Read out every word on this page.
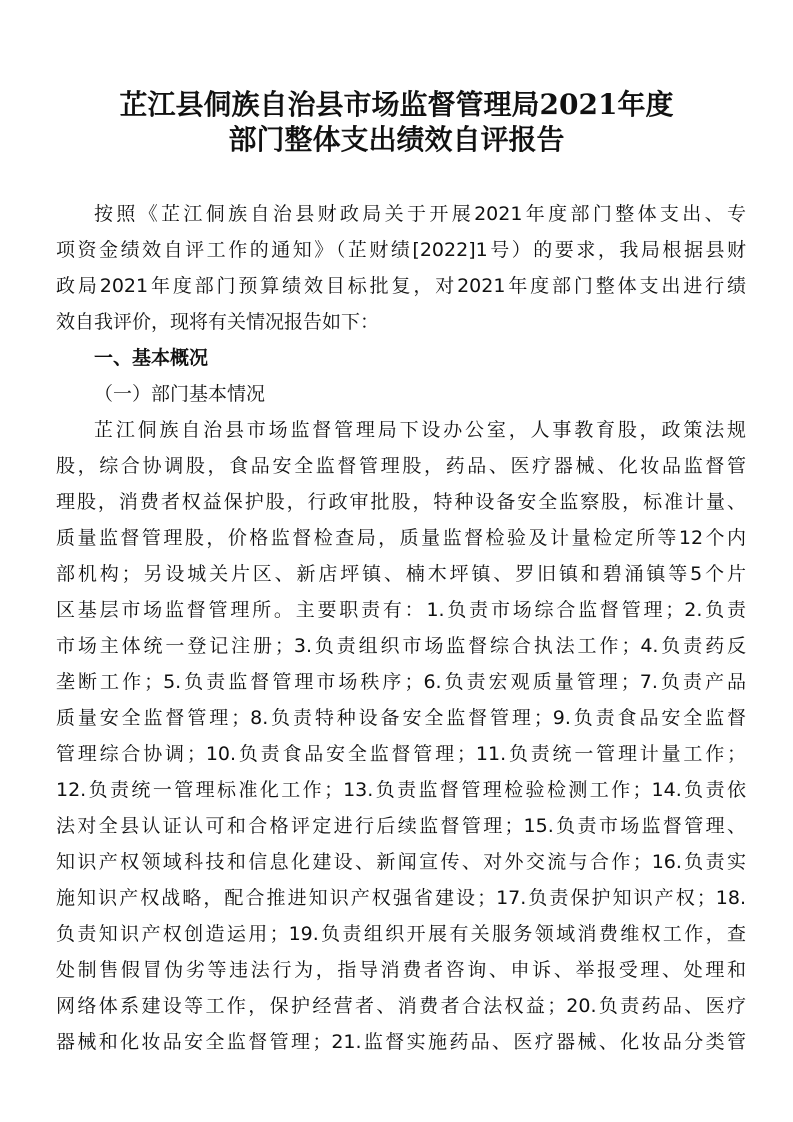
芷江县侗族自治县市场监督管理局2021年度
部门整体支出绩效自评报告
按照《芷江侗族自治县财政局关于开展2021年度部门整体支出、专
项资金绩效自评工作的通知》（芷财绩[2022]1号）的要求，我局根据县财
政局2021年度部门预算绩效目标批复，对2021年度部门整体支出进行绩
效自我评价，现将有关情况报告如下：
一、基本概况
（一）部门基本情况
芷江侗族自治县市场监督管理局下设办公室，人事教育股，政策法规
股，综合协调股，食品安全监督管理股，药品、医疗器械、化妆品监督管
理股，消费者权益保护股，行政审批股，特种设备安全监察股，标准计量、
质量监督管理股，价格监督检查局，质量监督检验及计量检定所等12个内
部机构；另设城关片区、新店坪镇、楠木坪镇、罗旧镇和碧涌镇等5个片
区基层市场监督管理所。主要职责有：1.负责市场综合监督管理；2.负责
市场主体统一登记注册；3.负责组织市场监督综合执法工作；4.负责药反
垄断工作；5.负责监督管理市场秩序；6.负责宏观质量管理；7.负责产品
质量安全监督管理；8.负责特种设备安全监督管理；9.负责食品安全监督
管理综合协调；10.负责食品安全监督管理；11.负责统一管理计量工作；
12.负责统一管理标准化工作；13.负责监督管理检验检测工作；14.负责依
法对全县认证认可和合格评定进行后续监督管理；15.负责市场监督管理、
知识产权领域科技和信息化建设、新闻宣传、对外交流与合作；16.负责实
施知识产权战略，配合推进知识产权强省建设；17.负责保护知识产权；18.
负责知识产权创造运用；19.负责组织开展有关服务领域消费维权工作，查
处制售假冒伪劣等违法行为，指导消费者咨询、申诉、举报受理、处理和
网络体系建设等工作，保护经营者、消费者合法权益；20.负责药品、医疗
器械和化妆品安全监督管理；21.监督实施药品、医疗器械、化妆品分类管
